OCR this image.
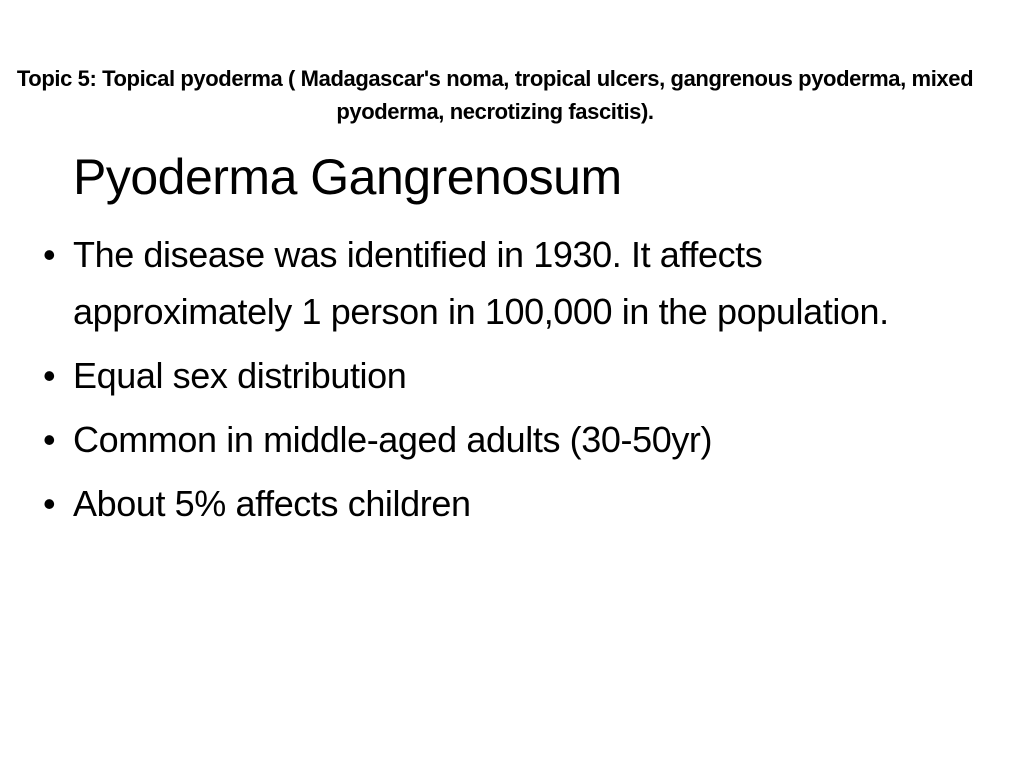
Topic 5: Topical pyoderma ( Madagascar's noma, tropical ulcers, gangrenous pyoderma, mixed pyoderma, necrotizing fascitis).

Pyoderma Gangrenosum
• The disease was identified in 1930. It affects approximately 1 person in 100,000 in the population.
• Equal sex distribution
• Common in middle-aged adults (30-50yr)
• About 5% affects children
